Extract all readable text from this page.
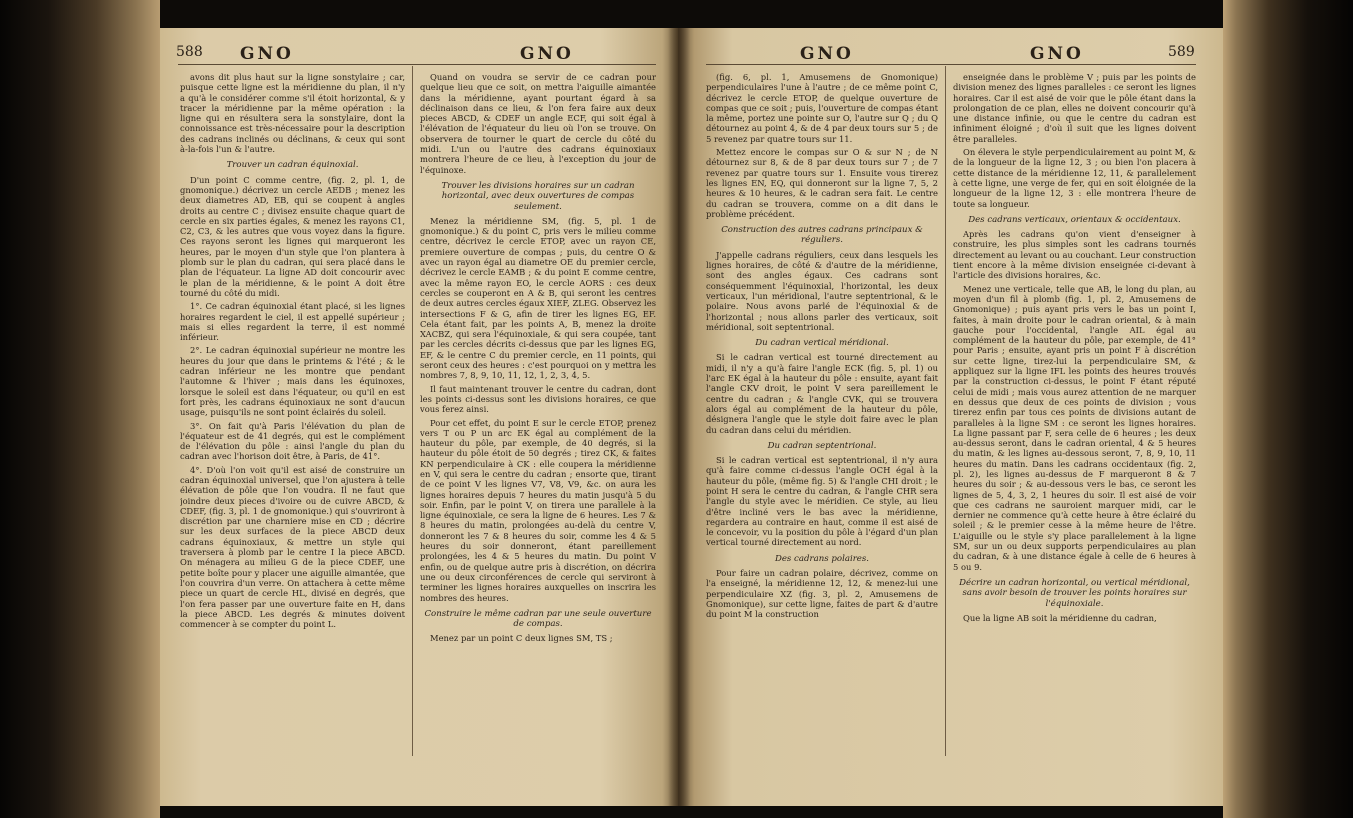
588 GNO	GNO	GNO	GNO	589

avons dit plus haut sur la ligne sonstylaire ; car, puisque cette ligne est la méridienne du plan, il n'y a qu'à le considérer comme s'il étoit horizontal, & y tracer la méridienne par la même opération : la ligne qui en résultera sera la sonstylaire, dont la connoissance est très-nécessaire pour la description des cadrans inclinés ou déclinans, & ceux qui sont à-la-fois l'un & l'autre.

Trouver un cadran équinoxial.

D'un point C comme centre, (fig. 2, pl. 1, de gnomonique.) décrivez un cercle AEDB ; menez les deux diametres AD, EB, qui se coupent à angles droits au centre C ; divisez ensuite chaque quart de cercle en six parties égales, & menez les rayons C1, C2, C3, & les autres que vous voyez dans la figure. Ces rayons seront les lignes qui marqueront les heures, par le moyen d'un style que l'on plantera à plomb sur le plan du cadran, qui sera placé dans le plan de l'équateur. La ligne AD doit concourir avec le plan de la méridienne, & le point A doit être tourné du côté du midi.

1°. Ce cadran équinoxial étant placé, si les lignes horaires regardent le ciel, il est appellé supérieur ; mais si elles regardent la terre, il est nommé inférieur.

2°. Le cadran équinoxial supérieur ne montre les heures du jour que dans le printems & l'été ; & le cadran inférieur ne les montre que pendant l'automne & l'hiver ; mais dans les équinoxes, lorsque le soleil est dans l'équateur, ou qu'il en est fort près, les cadrans équinoxiaux ne sont d'aucun usage, puisqu'ils ne sont point éclairés du soleil.

3°. On fait qu'à Paris l'élévation du plan de l'équateur est de 41 degrés, qui est le complément de l'élévation du pôle : ainsi l'angle du plan du cadran avec l'horison doit être, à Paris, de 41°.

4°. D'où l'on voit qu'il est aisé de construire un cadran équinoxial universel, que l'on ajustera à telle élévation de pôle que l'on voudra. Il ne faut que joindre deux pieces d'ivoire ou de cuivre ABCD, & CDEF, (fig. 3, pl. 1 de gnomonique.) qui s'ouvriront à discrétion par une charniere mise en CD ; décrire sur les deux surfaces de la piece ABCD deux cadrans équinoxiaux, & mettre un style qui traversera à plomb par le centre I la piece ABCD. On ménagera au milieu G de la piece CDEF, une petite boîte pour y placer une aiguille aimantée, que l'on couvrira d'un verre. On attachera à cette même piece un quart de cercle HL, divisé en degrés, que l'on fera passer par une ouverture faite en H, dans la piece ABCD. Les degrés & minutes doivent commencer à se compter du point L.

Quand on voudra se servir de ce cadran pour quelque lieu que ce soit, on mettra l'aiguille aimantée dans la méridienne, ayant pourtant égard à sa déclinaison dans ce lieu, & l'on fera faire aux deux pieces ABCD, & CDEF un angle ECF, qui soit égal à l'élévation de l'équateur du lieu où l'on se trouve. On observera de tourner le quart de cercle du côté du midi. L'un ou l'autre des cadrans équinoxiaux montrera l'heure de ce lieu, à l'exception du jour de l'équinoxe.

Trouver les divisions horaires sur un cadran horizontal, avec deux ouvertures de compas seulement.

Menez la méridienne SM, (fig. 5, pl. 1 de gnomonique.) & du point C, pris vers le milieu comme centre, décrivez le cercle ETOP, avec un rayon CE, premiere ouverture de compas ; puis, du centre O & avec un rayon égal au diametre OE du premier cercle, décrivez le cercle EAMB ; & du point E comme centre, avec la même rayon EO, le cercle AORS : ces deux cercles se couperont en A & B, qui seront les centres de deux autres cercles égaux XIEF, ZLEG. Observez les intersections F & G, afin de tirer les lignes EG, EF. Cela étant fait, par les points A, B, menez la droite XACBZ, qui sera l'équinoxiale, & qui sera coupée, tant par les cercles décrits ci-dessus que par les lignes EG, EF, & le centre C du premier cercle, en 11 points, qui seront ceux des heures : c'est pourquoi on y mettra les nombres 7, 8, 9, 10, 11, 12, 1, 2, 3, 4, 5.

Il faut maintenant trouver le centre du cadran, dont les points ci-dessus sont les divisions horaires, ce que vous ferez ainsi.

Pour cet effet, du point E sur le cercle ETOP, prenez vers T ou P un arc EK égal au complément de la hauteur du pôle, par exemple, de 40 degrés, si la hauteur du pôle étoit de 50 degrés ; tirez CK, & faites KN perpendiculaire à CK : elle coupera la méridienne en V, qui sera le centre du cadran ; ensorte que, tirant de ce point V les lignes V7, V8, V9, &c. on aura les lignes horaires depuis 7 heures du matin jusqu'à 5 du soir. Enfin, par le point V, on tirera une parallele à la ligne équinoxiale, ce sera la ligne de 6 heures. Les 7 & 8 heures du matin, prolongées au-delà du centre V, donneront les 7 & 8 heures du soir, comme les 4 & 5 heures du soir donneront, étant pareillement prolongées, les 4 & 5 heures du matin. Du point V enfin, ou de quelque autre pris à discrétion, on décrira une ou deux circonférences de cercle qui serviront à terminer les lignes horaires auxquelles on inscrira les nombres des heures.

Construire le même cadran par une seule ouverture de compas.

Menez par un point C deux lignes SM, TS ;

(fig. 6, pl. 1, Amusemens de Gnomonique) perpendiculaires l'une à l'autre ; de ce même point C, décrivez le cercle ETOP, de quelque ouverture de compas que ce soit ; puis, l'ouverture de compas étant la même, portez une pointe sur O, l'autre sur Q ; du Q détournez au point 4, & de 4 par deux tours sur 5 ; de 5 revenez par quatre tours sur 11.

Mettez encore le compas sur O & sur N ; de N détournez sur 8, & de 8 par deux tours sur 7 ; de 7 revenez par quatre tours sur 1. Ensuite vous tirerez les lignes EN, EQ, qui donneront sur la ligne 7, 5, 2 heures & 10 heures, & le cadran sera fait. Le centre du cadran se trouvera, comme on a dit dans le problème précédent.

Construction des autres cadrans principaux & réguliers.

J'appelle cadrans réguliers, ceux dans lesquels les lignes horaires, de côté & d'autre de la méridienne, sont des angles égaux. Ces cadrans sont conséquemment l'équinoxial, l'horizontal, les deux verticaux, l'un méridional, l'autre septentrional, & le polaire. Nous avons parlé de l'équinoxial & de l'horizontal ; nous allons parler des verticaux, soit méridional, soit septentrional.

Du cadran vertical méridional.

Si le cadran vertical est tourné directement au midi, il n'y a qu'à faire l'angle ECK (fig. 5, pl. 1) ou l'arc EK égal à la hauteur du pôle : ensuite, ayant fait l'angle CKV droit, le point V sera pareillement le centre du cadran ; & l'angle CVK, qui se trouvera alors égal au complément de la hauteur du pôle, désignera l'angle que le style doit faire avec le plan du cadran dans celui du méridien.

Du cadran septentrional.

Si le cadran vertical est septentrional, il n'y aura qu'à faire comme ci-dessus l'angle OCH égal à la hauteur du pôle, (même fig. 5) & l'angle CHI droit ; le point H sera le centre du cadran, & l'angle CHR sera l'angle du style avec le méridien. Ce style, au lieu d'être incliné vers le bas avec la méridienne, regardera au contraire en haut, comme il est aisé de le concevoir, vu la position du pôle à l'égard d'un plan vertical tourné directement au nord.

Des cadrans polaires.

Pour faire un cadran polaire, décrivez, comme on l'a enseigné, la méridienne 12, 12, & menez-lui une perpendiculaire XZ (fig. 3, pl. 2, Amusemens de Gnomonique), sur cette ligne, faites de part & d'autre du point M la construction

enseignée dans le problème V ; puis par les points de division menez des lignes paralleles : ce seront les lignes horaires. Car il est aisé de voir que le pôle étant dans la prolongation de ce plan, elles ne doivent concourir qu'à une distance infinie, ou que le centre du cadran est infiniment éloigné ; d'où il suit que les lignes doivent être paralleles.

On élevera le style perpendiculairement au point M, & de la longueur de la ligne 12, 3 ; ou bien l'on placera à cette distance de la méridienne 12, 11, & parallelement à cette ligne, une verge de fer, qui en soit éloignée de la longueur de la ligne 12, 3 : elle montrera l'heure de toute sa longueur.

Des cadrans verticaux, orientaux & occidentaux.

Après les cadrans qu'on vient d'enseigner à construire, les plus simples sont les cadrans tournés directement au levant ou au couchant. Leur construction tient encore à la même division enseignée ci-devant à l'article des divisions horaires, &c.

Menez une verticale, telle que AB, le long du plan, au moyen d'un fil à plomb (fig. 1, pl. 2, Amusemens de Gnomonique) ; puis ayant pris vers le bas un point I, faites, à main droite pour le cadran oriental, & à main gauche pour l'occidental, l'angle AIL égal au complément de la hauteur du pôle, par exemple, de 41° pour Paris ; ensuite, ayant pris un point F à discrétion sur cette ligne, tirez-lui la perpendiculaire SM, & appliquez sur la ligne IFL les points des heures trouvés par la construction ci-dessus, le point F étant réputé celui de midi ; mais vous aurez attention de ne marquer en dessus que deux de ces points de division ; vous tirerez enfin par tous ces points de divisions autant de paralleles à la ligne SM : ce seront les lignes horaires. La ligne passant par F, sera celle de 6 heures ; les deux au-dessus seront, dans le cadran oriental, 4 & 5 heures du matin, & les lignes au-dessous seront, 7, 8, 9, 10, 11 heures du matin. Dans les cadrans occidentaux (fig. 2, pl. 2), les lignes au-dessus de F marqueront 8 & 7 heures du soir ; & au-dessous vers le bas, ce seront les lignes de 5, 4, 3, 2, 1 heures du soir. Il est aisé de voir que ces cadrans ne sauroient marquer midi, car le dernier ne commence qu'à cette heure à être éclairé du soleil ; & le premier cesse à la même heure de l'être. L'aiguille ou le style s'y place parallelement à la ligne SM, sur un ou deux supports perpendiculaires au plan du cadran, & à une distance égale à celle de 6 heures à 5 ou 9.

Décrire un cadran horizontal, ou vertical méridional, sans avoir besoin de trouver les points horaires sur l'équinoxiale.

Que la ligne AB soit la méridienne du cadran,
